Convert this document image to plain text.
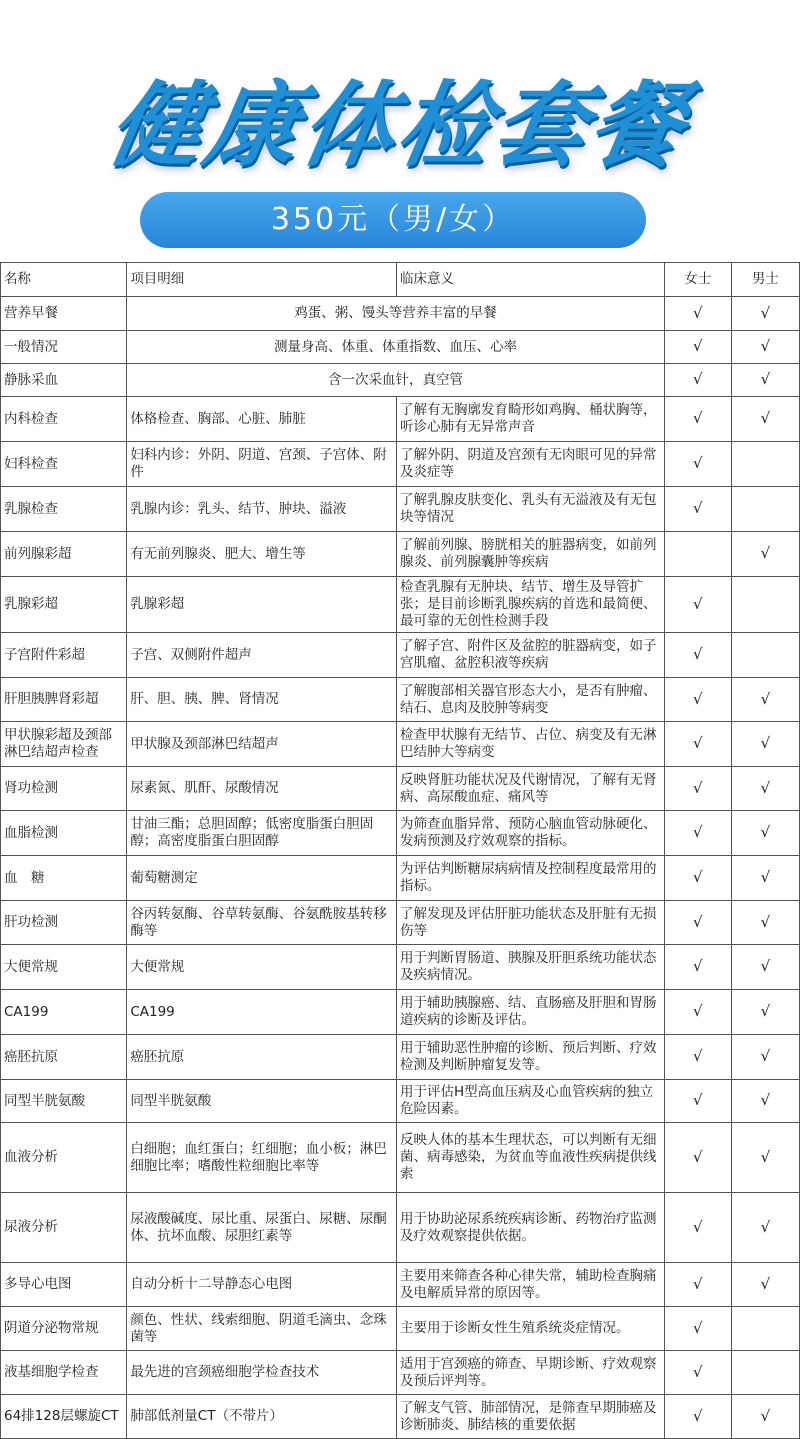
健康体检套餐
350元（男/女）
名称	项目明细	临床意义	女士	男士
营养早餐	鸡蛋、粥、馒头等营养丰富的早餐		√	√
一般情况	测量身高、体重、体重指数、血压、心率		√	√
静脉采血	含一次采血针，真空管		√	√
内科检查	体格检查、胸部、心脏、肺脏	了解有无胸廓发育畸形如鸡胸、桶状胸等，听诊心肺有无异常声音	√	√
妇科检查	妇科内诊：外阴、阴道、宫颈、子宫体、附件	了解外阴、阴道及宫颈有无肉眼可见的异常及炎症等	√	
乳腺检查	乳腺内诊：乳头、结节、肿块、溢液	了解乳腺皮肤变化、乳头有无溢液及有无包块等情况	√	
前列腺彩超	有无前列腺炎、肥大、增生等	了解前列腺、膀胱相关的脏器病变，如前列腺炎、前列腺囊肿等疾病		√
乳腺彩超	乳腺彩超	检查乳腺有无肿块、结节、增生及导管扩张；是目前诊断乳腺疾病的首选和最简便、最可靠的无创性检测手段	√	
子宫附件彩超	子宫、双侧附件超声	了解子宫、附件区及盆腔的脏器病变，如子宫肌瘤、盆腔积液等疾病	√	
肝胆胰脾肾彩超	肝、胆、胰、脾、肾情况	了解腹部相关器官形态大小，是否有肿瘤、结石、息肉及胶肿等病变	√	√
甲状腺彩超及颈部淋巴结超声检查	甲状腺及颈部淋巴结超声	检查甲状腺有无结节、占位、病变及有无淋巴结肿大等病变	√	√
肾功检测	尿素氮、肌酐、尿酸情况	反映肾脏功能状况及代谢情况，了解有无肾病、高尿酸血症、痛风等	√	√
血脂检测	甘油三酯；总胆固醇；低密度脂蛋白胆固醇；高密度脂蛋白胆固醇	为筛查血脂异常、预防心脑血管动脉硬化、发病预测及疗效观察的指标。	√	√
血　糖	葡萄糖测定	为评估判断糖尿病病情及控制程度最常用的指标。	√	√
肝功检测	谷丙转氨酶、谷草转氨酶、谷氨酰胺基转移酶等	了解发现及评估肝脏功能状态及肝脏有无损伤等	√	√
大便常规	大便常规	用于判断胃肠道、胰腺及肝胆系统功能状态及疾病情况。	√	√
CA199	CA199	用于辅助胰腺癌、结、直肠癌及肝胆和胃肠道疾病的诊断及评估。	√	√
癌胚抗原	癌胚抗原	用于辅助恶性肿瘤的诊断、预后判断、疗效检测及判断肿瘤复发等。	√	√
同型半胱氨酸	同型半胱氨酸	用于评估H型高血压病及心血管疾病的独立危险因素。	√	√
血液分析	白细胞；血红蛋白；红细胞；血小板；淋巴细胞比率；嗜酸性粒细胞比率等	反映人体的基本生理状态，可以判断有无细菌、病毒感染，为贫血等血液性疾病提供线索	√	√
尿液分析	尿液酸碱度、尿比重、尿蛋白、尿糖、尿酮体、抗坏血酸、尿胆红素等	用于协助泌尿系统疾病诊断、药物治疗监测及疗效观察提供依据。	√	√
多导心电图	自动分析十二导静态心电图	主要用来筛查各种心律失常，辅助检查胸痛及电解质异常的原因等。	√	√
阴道分泌物常规	颜色、性状、线索细胞、阴道毛滴虫、念珠菌等	主要用于诊断女性生殖系统炎症情况。	√	
液基细胞学检查	最先进的宫颈癌细胞学检查技术	适用于宫颈癌的筛查、早期诊断、疗效观察及预后评判等。	√	
64排128层螺旋CT	肺部低剂量CT（不带片）	了解支气管、肺部情况，是筛查早期肺癌及诊断肺炎、肺结核的重要依据	√	√
